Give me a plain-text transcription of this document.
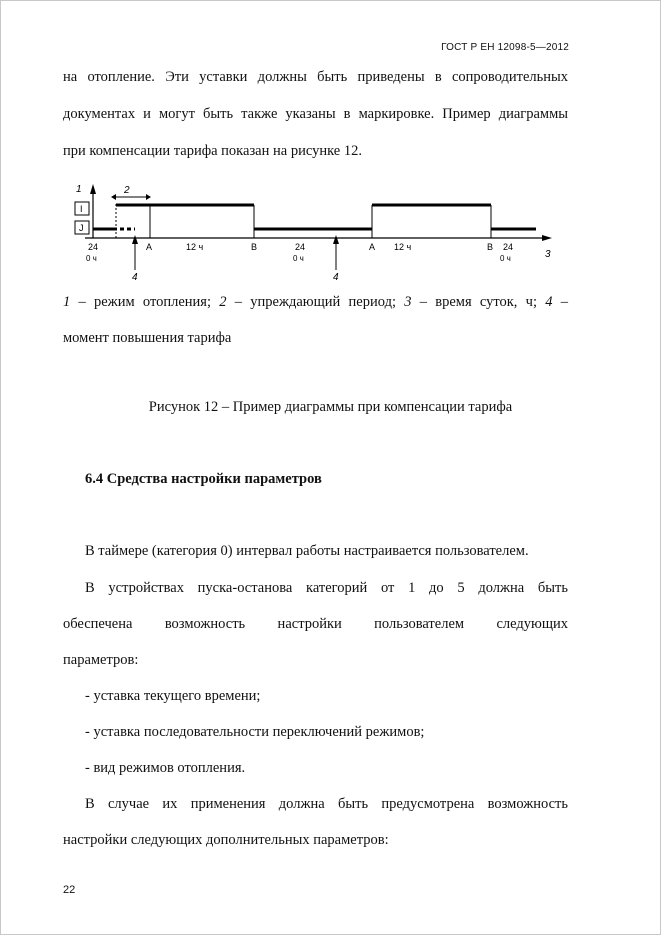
ГОСТ Р ЕН 12098-5—2012
на отопление. Эти уставки должны быть приведены в сопроводительных
документах и могут быть также указаны в маркировке. Пример диаграммы
при компенсации тарифа показан на рисунке 12.
1
I
J
2
3
4	4
24
0 ч
A	12 ч	B	24
0 ч
A 12 ч	B 24
0 ч
1 – режим отопления; 2 – упреждающий период; 3 – время суток, ч; 4 –
момент повышения тарифа
Рисунок 12 – Пример диаграммы при компенсации тарифа
6.4 Средства настройки параметров
В таймере (категория 0) интервал работы настраивается пользователем.
В устройствах пуска-останова категорий от 1 до 5 должна быть
обеспечена возможность настройки пользователем следующих
параметров:
- уставка текущего времени;
- уставка последовательности переключений режимов;
- вид режимов отопления.
В случае их применения должна быть предусмотрена возможность
настройки следующих дополнительных параметров:
22
